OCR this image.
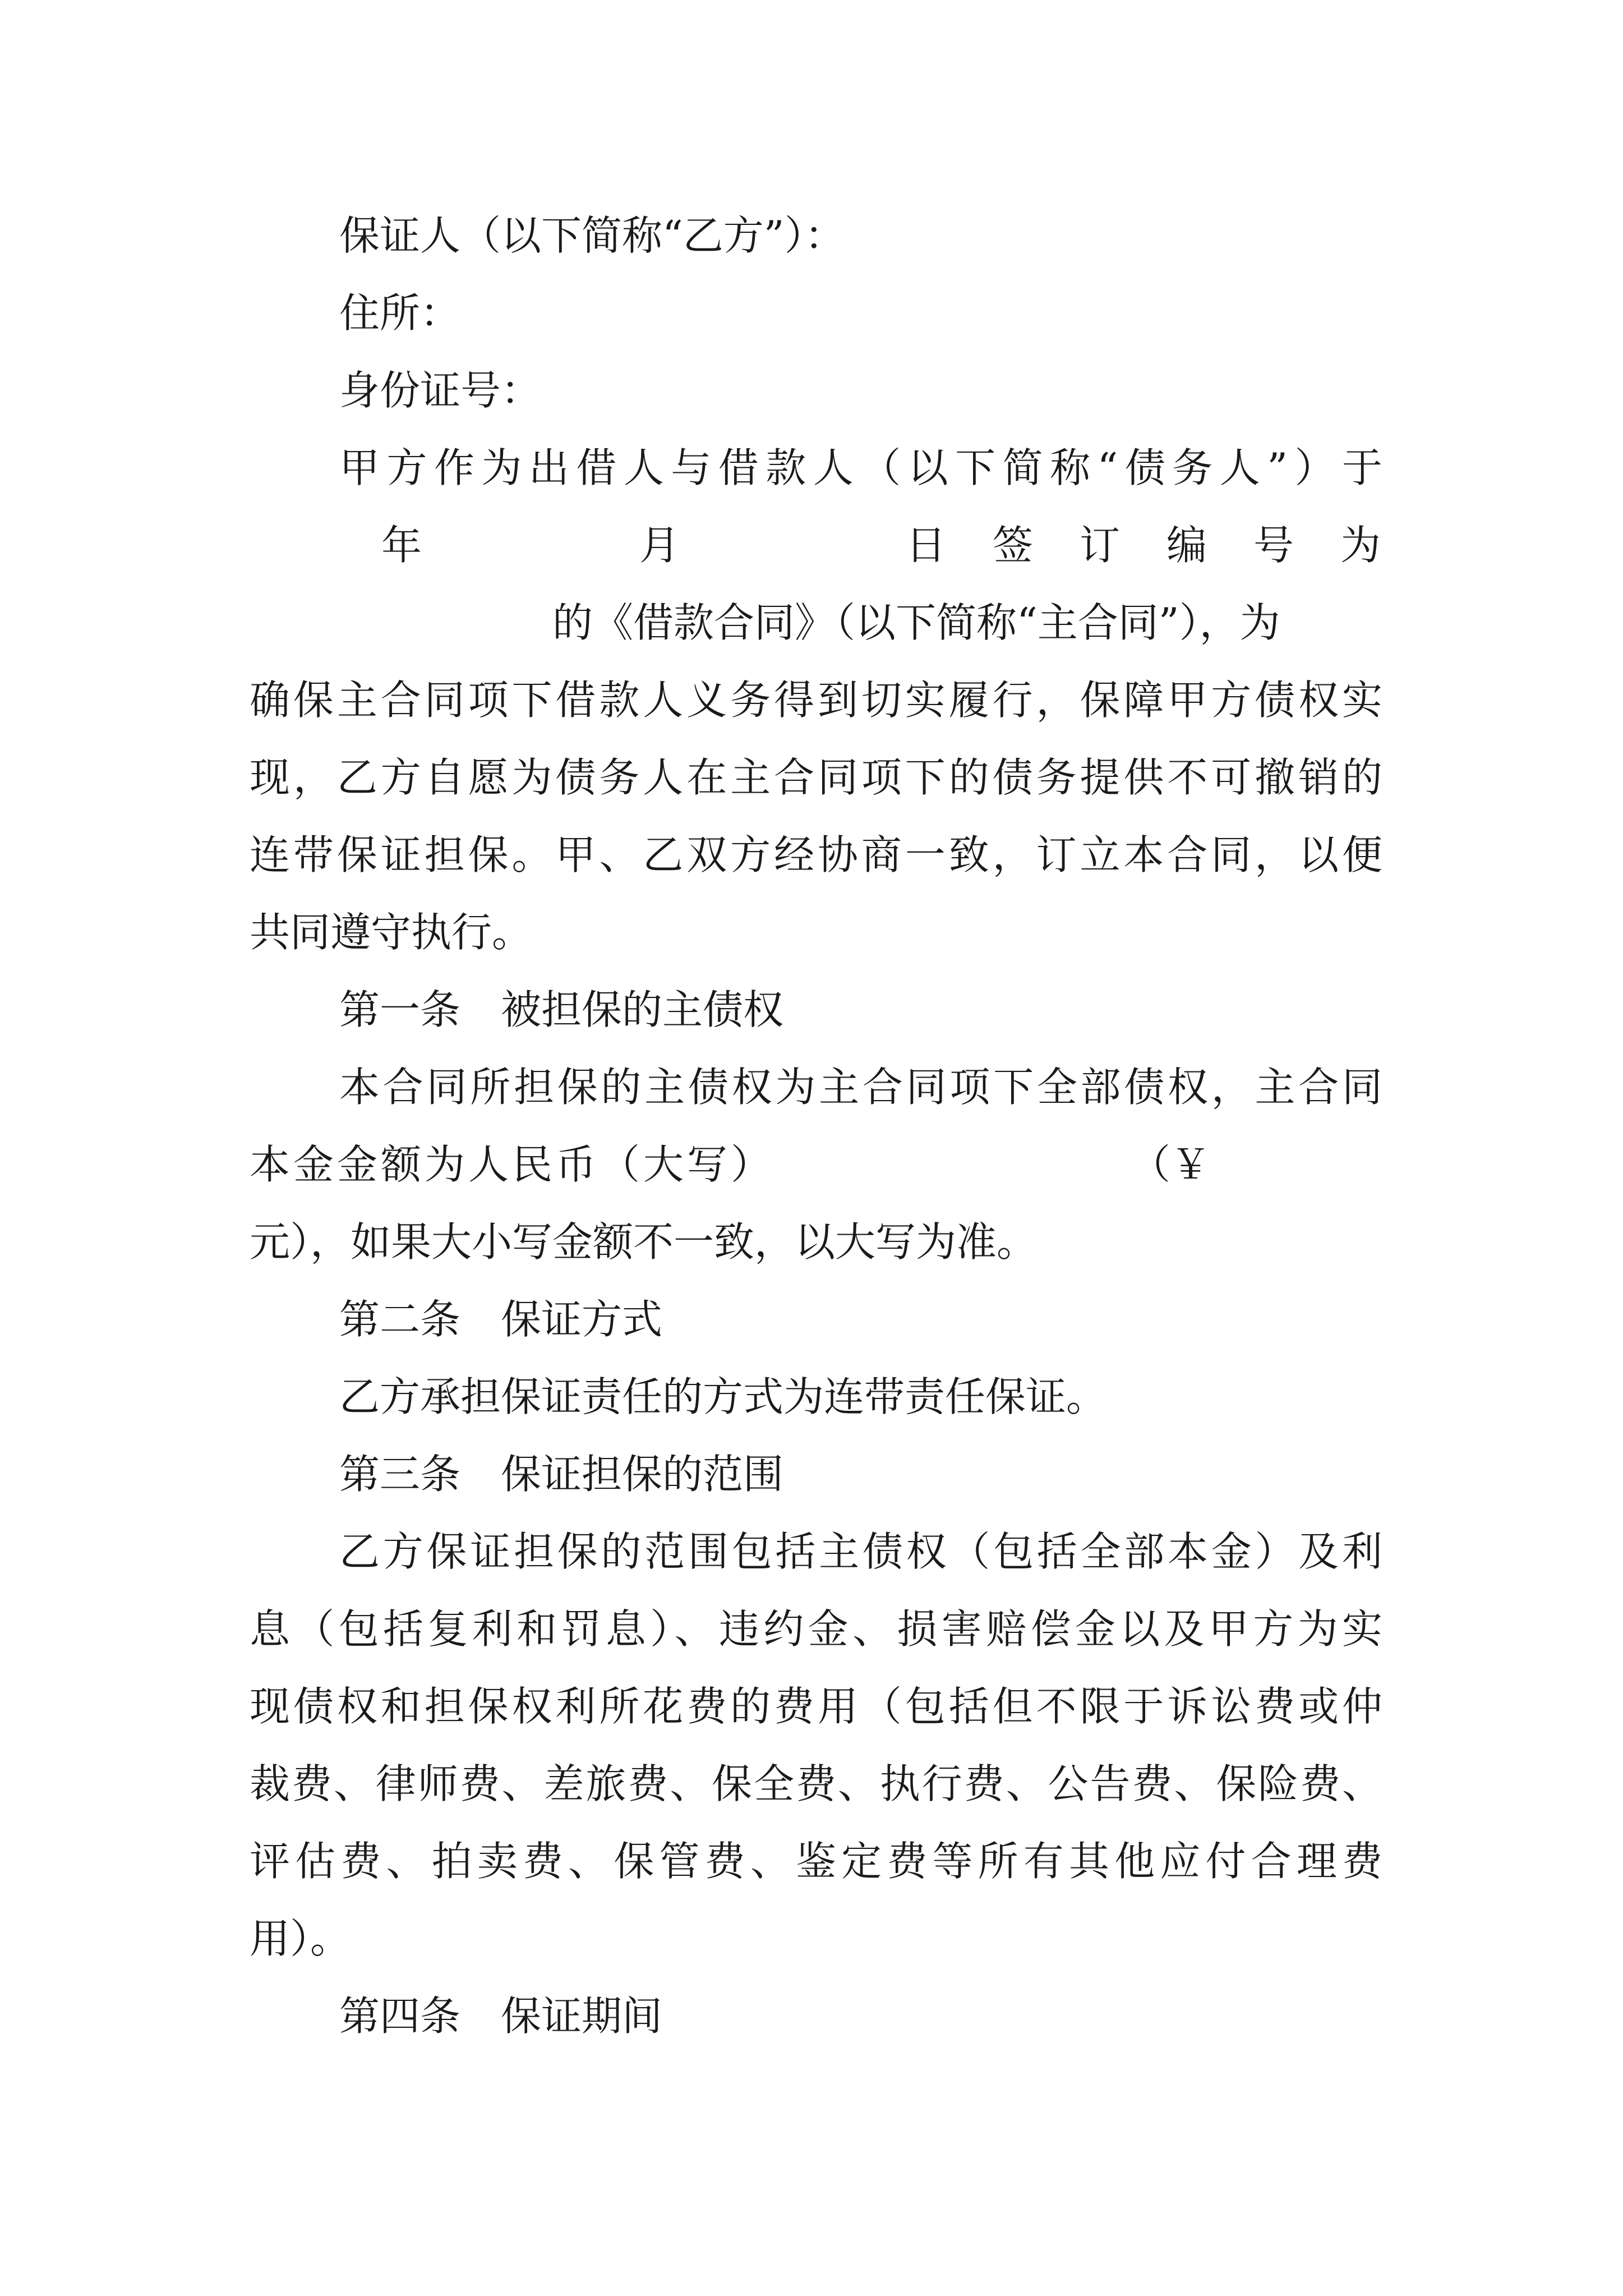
保证人（以下简称“乙方”）：
住所：
身份证号：
甲方作为出借人与借款人（以下简称“债务人”）于
年	月	日 签 订 编 号 为
的《借款合同》（以下简称“主合同”），为
确保主合同项下借款人义务得到切实履行，保障甲方债权实
现，乙方自愿为债务人在主合同项下的债务提供不可撤销的
连带保证担保。甲、乙双方经协商一致，订立本合同，以便
共同遵守执行。
第一条　被担保的主债权
本合同所担保的主债权为主合同项下全部债权，主合同
本金金额为人民币（大写）	（￥
元），如果大小写金额不一致，以大写为准。
第二条　保证方式
乙方承担保证责任的方式为连带责任保证。
第三条　保证担保的范围
乙方保证担保的范围包括主债权（包括全部本金）及利
息（包括复利和罚息）、违约金、损害赔偿金以及甲方为实
现债权和担保权利所花费的费用（包括但不限于诉讼费或仲
裁费、律师费、差旅费、保全费、执行费、公告费、保险费、
评估费、拍卖费、保管费、鉴定费等所有其他应付合理费
用）。
第四条　保证期间
